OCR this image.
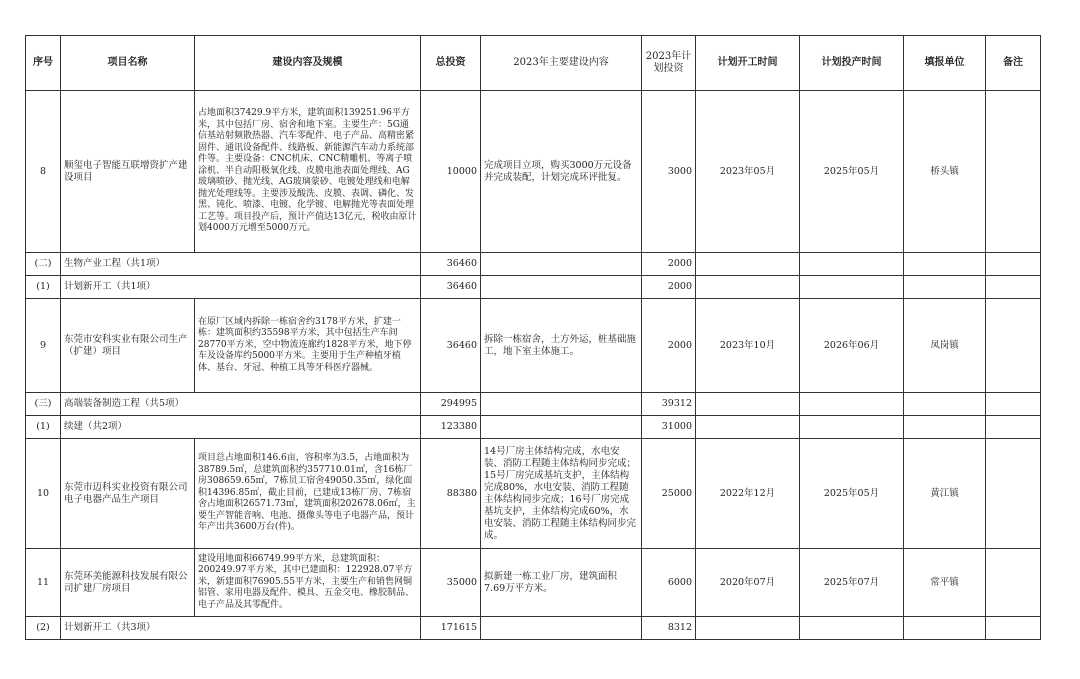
序号	项目名称	建设内容及规模	总投资	2023年主要建设内容	2023年计划投资	计划开工时间	计划投产时间	填报单位	备注
8	顺玺电子智能互联增资扩产建设项目	占地面积37429.9平方米，建筑面积139251.96平方米，其中包括厂房、宿舍和地下室。主要生产：5G通信基站射频散热器、汽车零配件、电子产品、高精密紧固件、通讯设备配件、线路板、新能源汽车动力系统部件等。主要设备：CNC机床、CNC精雕机、等离子喷涂机、半自动阳极氧化线、皮膜电池表面处理线、AG玻璃喷砂、抛光线、AG玻璃蒙砂、电镀处理线和电解抛光处理线等。主要涉及酸洗、皮膜、表调、磷化、发黑、钝化、喷漆、电镀、化学镀、电解抛光等表面处理工艺等。项目投产后，预计产值达13亿元，税收由原计划4000万元增至5000万元。	10000	完成项目立项，购买3000万元设备并完成装配，计划完成环评批复。	3000	2023年05月	2025年05月	桥头镇	
(二)	生物产业工程（共1项）		36460		2000				
(1)	计划新开工（共1项）		36460		2000				
9	东莞市安科实业有限公司生产（扩建）项目	在原厂区域内拆除一栋宿舍约3178平方米，扩建一栋：建筑面积约35598平方米，其中包括生产车间28770平方米，空中物流连廊约1828平方米，地下停车及设备库约5000平方米。主要用于生产种植牙植体、基台、牙冠、种植工具等牙科医疗器械。	36460	拆除一栋宿舍，土方外运，桩基础施工，地下室主体施工。	2000	2023年10月	2026年06月	凤岗镇	
(三)	高端装备制造工程（共5项）		294995		39312				
(1)	续建（共2项）		123380		31000				
10	东莞市迈科实业投资有限公司电子电器产品生产项目	项目总占地面积146.6亩，容积率为3.5，占地面积为38789.5㎡，总建筑面积约357710.01㎡，含16栋厂房308659.65㎡，7栋员工宿舍49050.35㎡，绿化面积14396.85㎡，截止目前，已建成13栋厂房、7栋宿舍占地面积26571.73㎡，建筑面积202678.06㎡，主要生产智能音响、电池、摄像头等电子电器产品，预计年产出共3600万台(件)。	88380	14号厂房主体结构完成，水电安装、消防工程随主体结构同步完成；15号厂房完成基坑支护，主体结构完成80%，水电安装、消防工程随主体结构同步完成；16号厂房完成基坑支护，主体结构完成60%，水电安装、消防工程随主体结构同步完成。	25000	2022年12月	2025年05月	黄江镇	
11	东莞环美能源科技发展有限公司扩建厂房项目	建设用地面积66749.99平方米，总建筑面积：200249.97平方米，其中已建面积：122928.07平方米，新建面积76905.55平方米，主要生产和销售网铜铝管、家用电器及配件、模具、五金交电、橡胶制品、电子产品及其零配件。	35000	拟新建一栋工业厂房，建筑面积7.69万平方米。	6000	2020年07月	2025年07月	常平镇	
(2)	计划新开工（共3项）		171615		8312				
